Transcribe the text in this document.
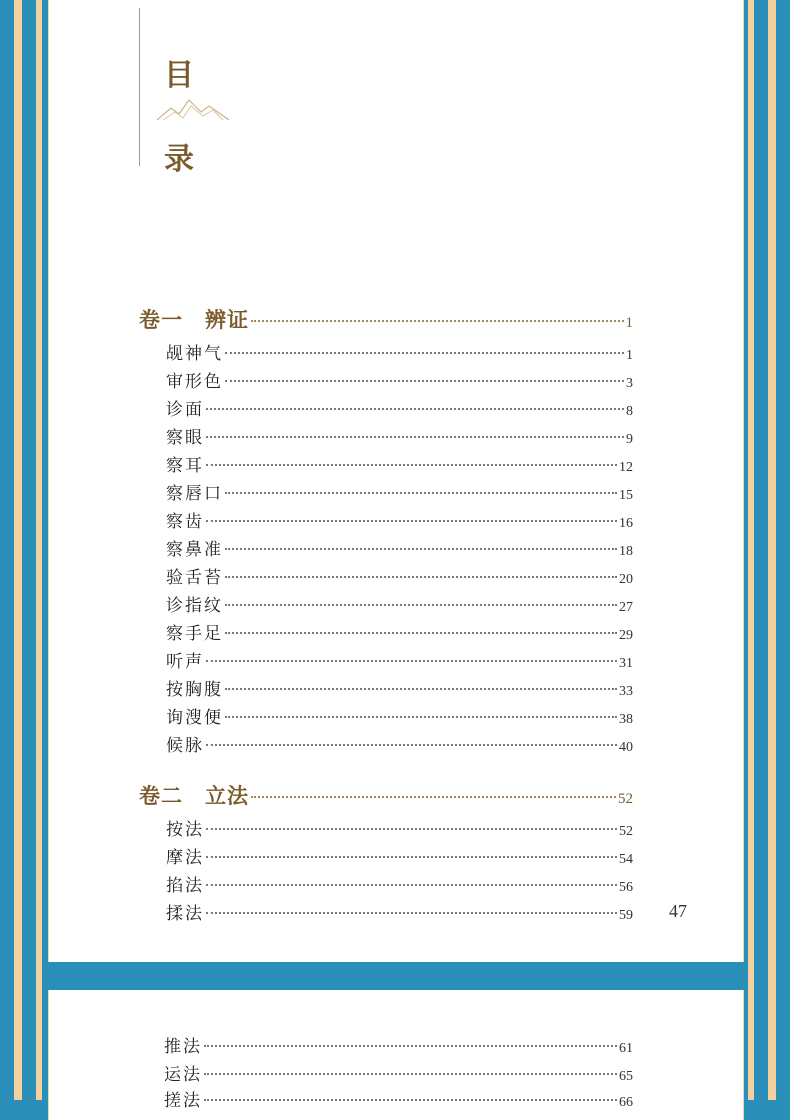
目
录
卷一　辨证	1
觇神气	1
审形色	3
诊面	8
察眼	9
察耳	12
察唇口	15
察齿	16
察鼻准	18
验舌苔	20
诊指纹	27
察手足	29
听声	31
按胸腹	33
询溲便	38
候脉	40
卷二　立法	52
按法	52
摩法	54
掐法	56
揉法	59 47
推法	61
运法	65
搓法	66
